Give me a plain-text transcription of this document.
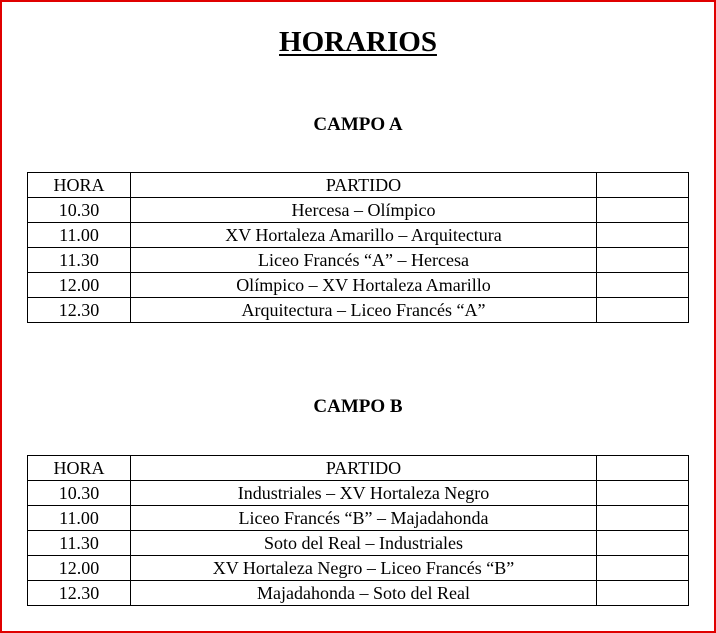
HORARIOS
CAMPO A
HORA	PARTIDO	
10.30	Hercesa – Olímpico	
11.00	XV Hortaleza Amarillo – Arquitectura	
11.30	Liceo Francés “A” – Hercesa	
12.00	Olímpico – XV Hortaleza Amarillo	
12.30	Arquitectura – Liceo Francés “A”	
CAMPO B
HORA	PARTIDO	
10.30	Industriales – XV Hortaleza Negro	
11.00	Liceo Francés “B” – Majadahonda	
11.30	Soto del Real – Industriales	
12.00	XV Hortaleza Negro – Liceo Francés “B”	
12.30	Majadahonda – Soto del Real	
